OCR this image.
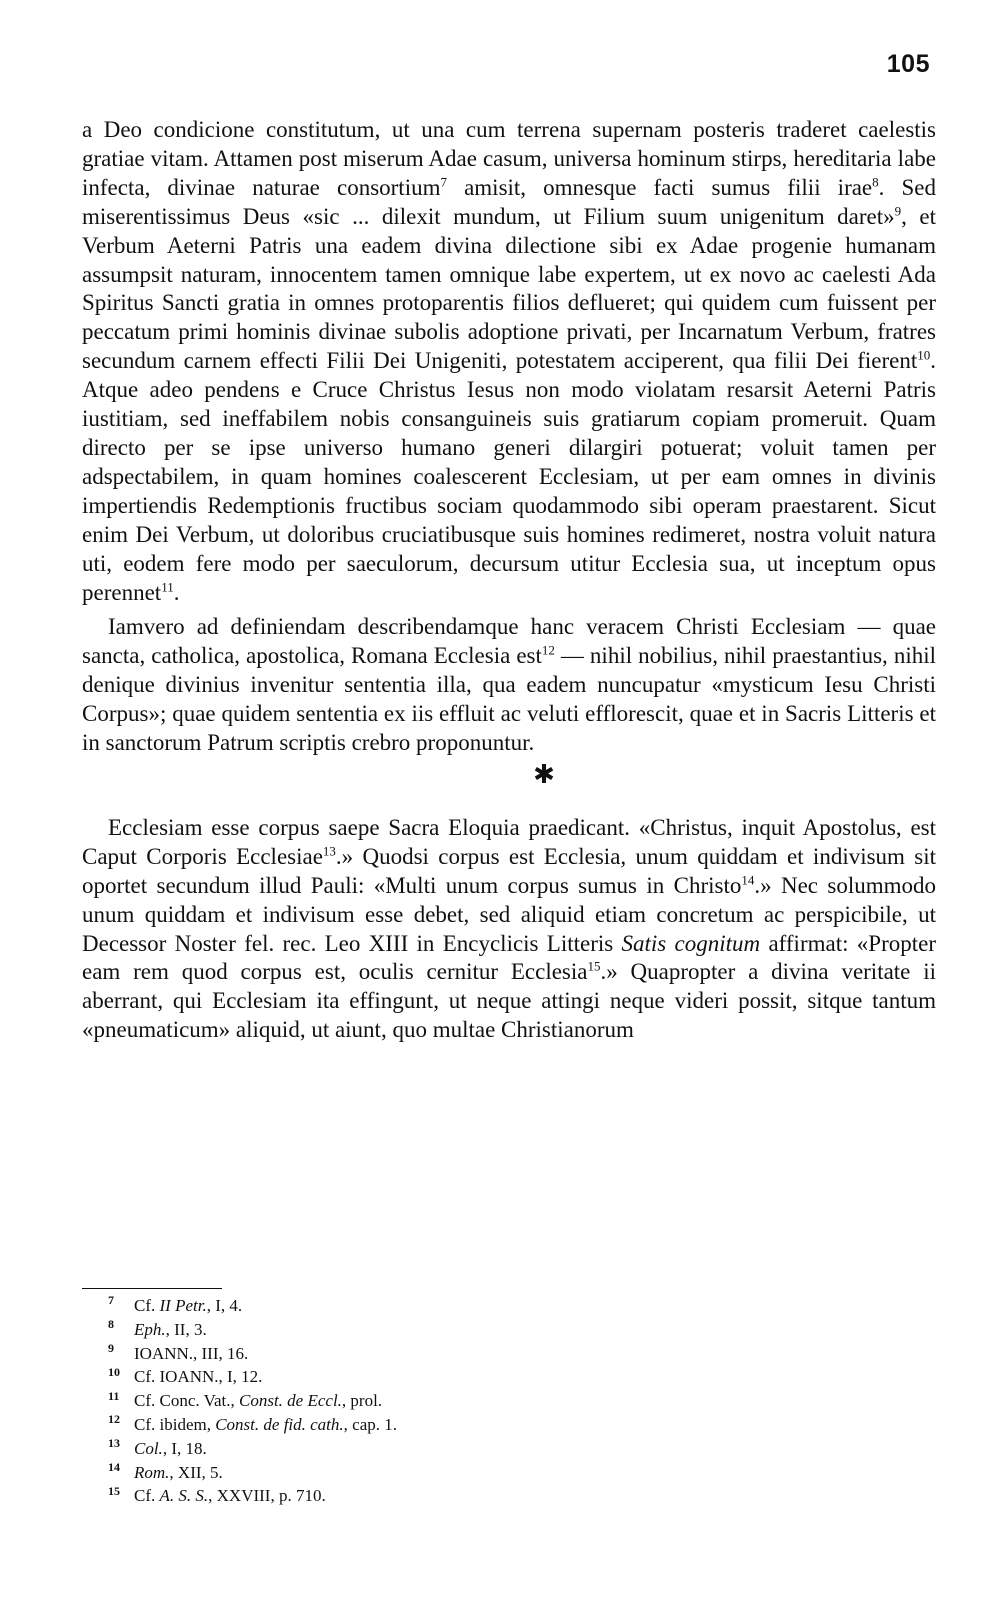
105

a Deo condicione constitutum, ut una cum terrena supernam posteris traderet caelestis gratiae vitam. Attamen post miserum Adae casum, universa hominum stirps, hereditaria labe infecta, divinae naturae consortium$^7$ amisit, omnesque facti sumus filii irae$^8$. Sed miserentissimus Deus «sic ... dilexit mundum, ut Filium suum unigenitum daret»$^9$, et Verbum Aeterni Patris una eadem divina dilectione sibi ex Adae progenie humanam assumpsit naturam, innocentem tamen omnique labe expertem, ut ex novo ac caelesti Ada Spiritus Sancti gratia in omnes protoparentis filios deflueret; qui quidem cum fuissent per peccatum primi hominis divinae subolis adoptione privati, per Incarnatum Verbum, fratres secundum carnem effecti Filii Dei Unigeniti, potestatem acciperent, qua filii Dei fierent$^{10}$. Atque adeo pendens e Cruce Christus Iesus non modo violatam resarsit Aeterni Patris iustitiam, sed ineffabilem nobis consanguineis suis gratiarum copiam promeruit. Quam directo per se ipse universo humano generi dilargiri potuerat; voluit tamen per adspectabilem, in quam homines coalescerent Ecclesiam, ut per eam omnes in divinis impertiendis Redemptionis fructibus sociam quodammodo sibi operam praestarent. Sicut enim Dei Verbum, ut doloribus cruciatibusque suis homines redimeret, nostra voluit natura uti, eodem fere modo per saeculorum, decursum utitur Ecclesia sua, ut inceptum opus perennet$^{11}$.

Iamvero ad definiendam describendamque hanc veracem Christi Ecclesiam — quae sancta, catholica, apostolica, Romana Ecclesia est$^{12}$ — nihil nobilius, nihil praestantius, nihil denique divinius invenitur sententia illa, qua eadem nuncupatur «mysticum Iesu Christi Corpus»; quae quidem sententia ex iis effluit ac veluti efflorescit, quae et in Sacris Litteris et in sanctorum Patrum scriptis crebro proponuntur.

✱

Ecclesiam esse corpus saepe Sacra Eloquia praedicant. «Christus, inquit Apostolus, est Caput Corporis Ecclesiae$^{13}$.» Quodsi corpus est Ecclesia, unum quiddam et indivisum sit oportet secundum illud Pauli: «Multi unum corpus sumus in Christo$^{14}$.» Nec solummodo unum quiddam et indivisum esse debet, sed aliquid etiam concretum ac perspicibile, ut Decessor Noster fel. rec. Leo XIII in Encyclicis Litteris Satis cognitum affirmat: «Propter eam rem quod corpus est, oculis cernitur Ecclesia$^{15}$.» Quapropter a divina veritate ii aberrant, qui Ecclesiam ita effingunt, ut neque attingi neque videri possit, sitque tantum «pneumaticum» aliquid, ut aiunt, quo multae Christianorum

7 Cf. II Petr., I, 4.
8 Eph., II, 3.
9 IOANN., III, 16.
10 Cf. IOANN., I, 12.
11 Cf. Conc. Vat., Const. de Eccl., prol.
12 Cf. ibidem, Const. de fid. cath., cap. 1.
13 Col., I, 18.
14 Rom., XII, 5.
15 Cf. A. S. S., XXVIII, p. 710.
